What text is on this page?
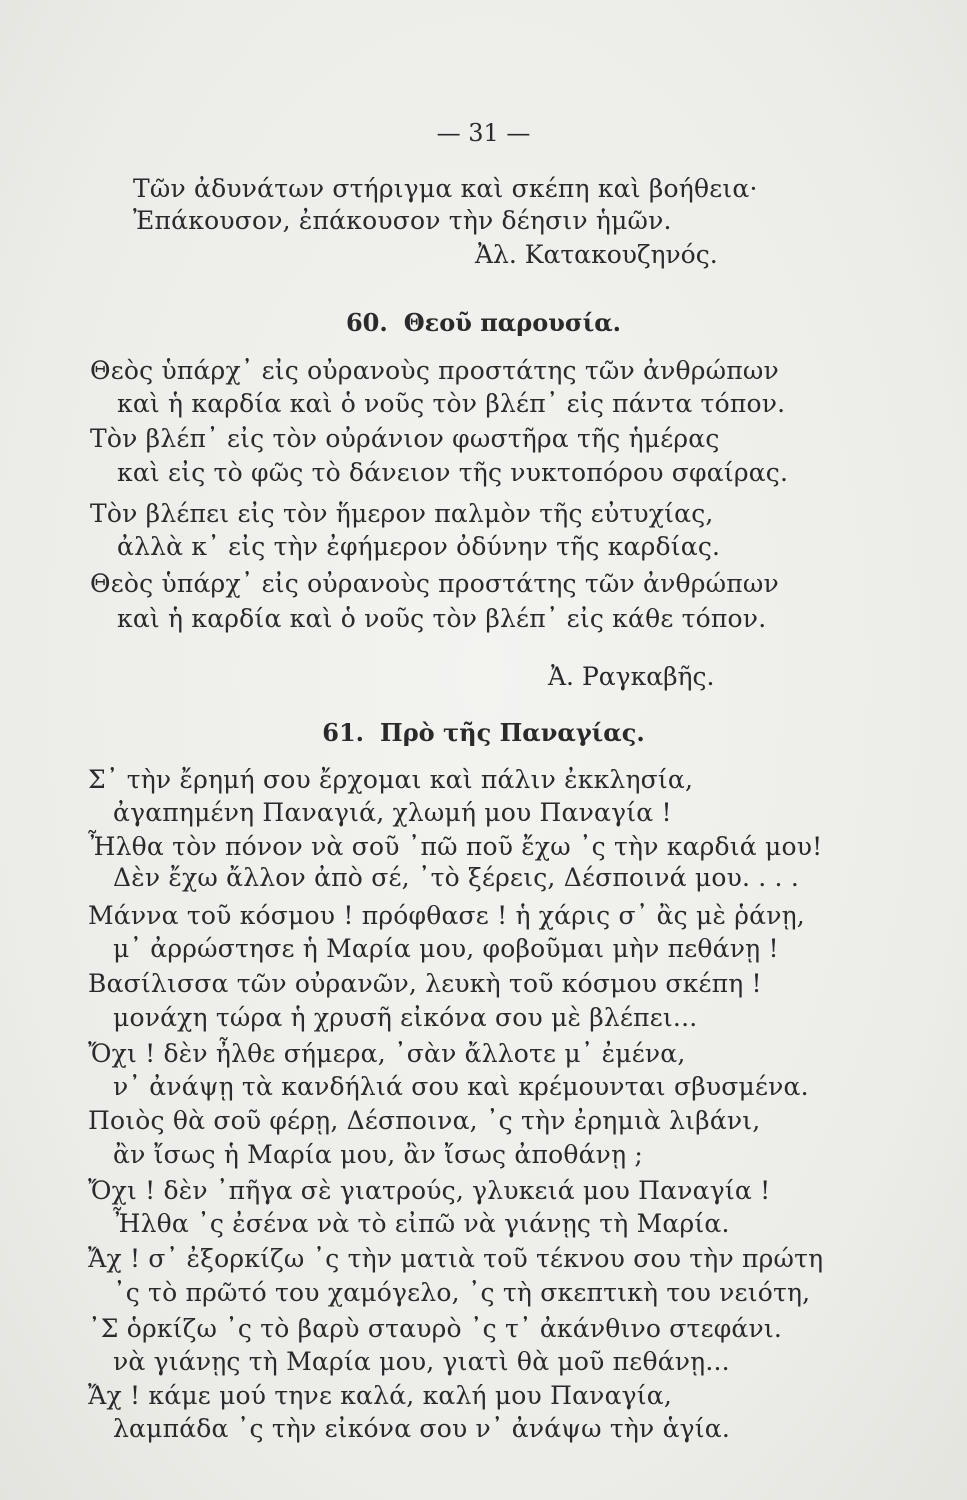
— 31 —
Τῶν ἀδυνάτων στήριγμα καὶ σκέπη καὶ βοήθεια·
Ἐπάκουσον, ἐπάκουσον τὴν δέησιν ἡμῶν.
Ἀλ. Κατακουζηνός.
60. Θεοῦ παρουσία.
Θεὸς ὑπάρχ᾽ εἰς οὐρανοὺς προστάτης τῶν ἀνθρώπων
καὶ ἡ καρδία καὶ ὁ νοῦς τὸν βλέπ᾽ εἰς πάντα τόπον.
Τὸν βλέπ᾽ εἰς τὸν οὐράνιον φωστῆρα τῆς ἡμέρας
καὶ εἰς τὸ φῶς τὸ δάνειον τῆς νυκτοπόρου σφαίρας.
Τὸν βλέπει εἰς τὸν ἥμερον παλμὸν τῆς εὐτυχίας,
ἀλλὰ κ᾽ εἰς τὴν ἐφήμερον ὀδύνην τῆς καρδίας.
Θεὸς ὑπάρχ᾽ εἰς οὐρανοὺς προστάτης τῶν ἀνθρώπων
καὶ ἡ καρδία καὶ ὁ νοῦς τὸν βλέπ᾽ εἰς κάθε τόπον.
Ἀ. Ραγκαβῆς.
61. Πρὸ τῆς Παναγίας.
Σ᾽ τὴν ἔρημή σου ἔρχομαι καὶ πάλιν ἐκκλησία,
ἀγαπημένη Παναγιά, χλωμή μου Παναγία !
Ἦλθα τὸν πόνον νὰ σοῦ ᾽πῶ ποῦ ἔχω ᾽ς τὴν καρδιά μου!
Δὲν ἔχω ἄλλον ἀπὸ σέ, ᾽τὸ ξέρεις, Δέσποινά μου. . . .
Μάννα τοῦ κόσμου ! πρόφθασε ! ἡ χάρις σ᾽ ἂς μὲ ῥάνῃ,
μ᾽ ἀρρώστησε ἡ Μαρία μου, φοβοῦμαι μὴν πεθάνῃ !
Βασίλισσα τῶν οὐρανῶν, λευκὴ τοῦ κόσμου σκέπη !
μονάχη τώρα ἡ χρυσῆ εἰκόνα σου μὲ βλέπει...
Ὄχι ! δὲν ἦλθε σήμερα, ᾽σὰν ἄλλοτε μ᾽ ἐμένα,
ν᾽ ἀνάψῃ τὰ κανδήλιά σου καὶ κρέμουνται σβυσμένα.
Ποιὸς θὰ σοῦ φέρῃ, Δέσποινα, ᾽ς τὴν ἐρημιὰ λιβάνι,
ἂν ἴσως ἡ Μαρία μου, ἂν ἴσως ἀποθάνῃ ;
Ὄχι ! δὲν ᾽πῆγα σὲ γιατρούς, γλυκειά μου Παναγία !
Ἦλθα ᾽ς ἐσένα νὰ τὸ εἰπῶ νὰ γιάνῃς τὴ Μαρία.
Ἄχ ! σ᾽ ἐξορκίζω ᾽ς τὴν ματιὰ τοῦ τέκνου σου τὴν πρώτη
᾽ς τὸ πρῶτό του χαμόγελο, ᾽ς τὴ σκεπτικὴ του νειότη,
᾽Σ ὁρκίζω ᾽ς τὸ βαρὺ σταυρὸ ᾽ς τ᾽ ἀκάνθινο στεφάνι.
νὰ γιάνῃς τὴ Μαρία μου, γιατὶ θὰ μοῦ πεθάνῃ...
Ἄχ ! κάμε μού τηνε καλά, καλή μου Παναγία,
λαμπάδα ᾽ς τὴν εἰκόνα σου ν᾽ ἀνάψω τὴν ἁγία.
